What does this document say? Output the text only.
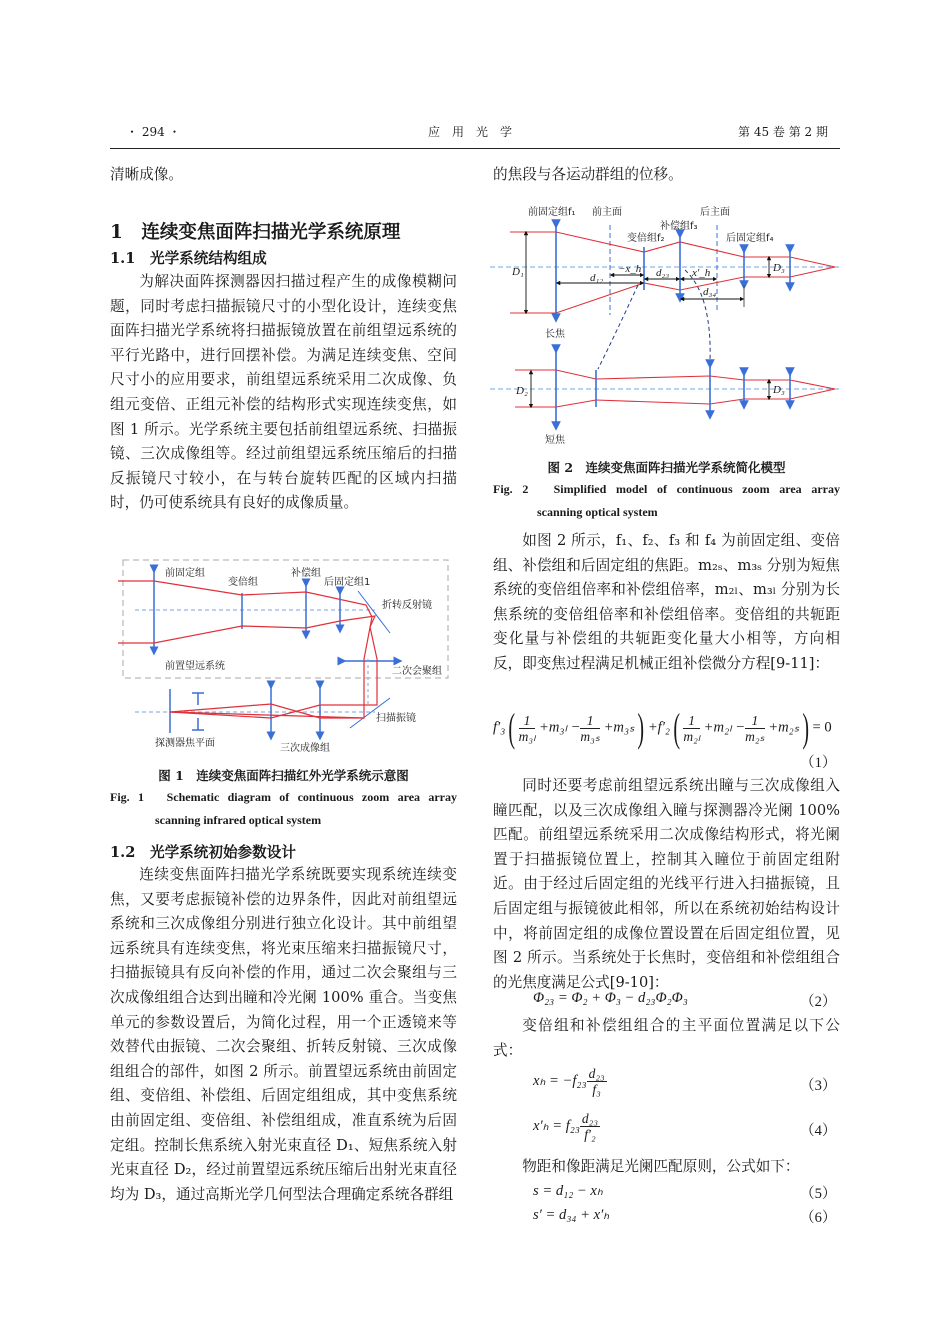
・ 294 ・	应　用　光　学	第 45 卷 第 2 期

清晰成像。

1　连续变焦面阵扫描光学系统原理
1.1　光学系统结构组成

为解决面阵探测器因扫描过程产生的成像模糊问题，同时考虑扫描振镜尺寸的小型化设计，连续变焦面阵扫描光学系统将扫描振镜放置在前组望远系统的平行光路中，进行回摆补偿。为满足连续变焦、空间尺寸小的应用要求，前组望远系统采用二次成像、负组元变倍、正组元补偿的结构形式实现连续变焦，如图 1 所示。光学系统主要包括前组望远系统、扫描振镜、三次成像组等。经过前组望远系统压缩后的扫描反振镜尺寸较小，在与转台旋转匹配的区域内扫描时，仍可使系统具有良好的成像质量。

前固定组
变倍组
补偿组
后固定组1
折转反射镜
前置望远系统	二次会聚组
扫描振镜
探测器焦平面	三次成像组
图 1　连续变焦面阵扫描红外光学系统示意图
Fig. 1　Schematic diagram of continuous zoom area array
scanning infrared optical system
1.2　光学系统初始参数设计

连续变焦面阵扫描光学系统既要实现系统连续变焦，又要考虑振镜补偿的边界条件，因此对前组望远系统和三次成像组分别进行独立化设计。其中前组望远系统具有连续变焦，将光束压缩来扫描振镜尺寸，扫描振镜具有反向补偿的作用，通过二次会聚组与三次成像组组合达到出瞳和冷光阑 100% 重合。当变焦单元的参数设置后，为简化过程，用一个正透镜来等效替代由振镜、二次会聚组、折转反射镜、三次成像组组合的部件，如图 2 所示。前置望远系统由前固定组、变倍组、补偿组、后固定组组成，其中变焦系统由前固定组、变倍组、补偿组组成，准直系统为后固定组。控制长焦系统入射光束直径 D₁、短焦系统入射光束直径 D₂，经过前置望远系统压缩后出射光束直径均为 D₃，通过高斯光学几何型法合理确定系统各群组

的焦段与各运动群组的位移。

前固定组f₁ 前主面	后主面
补偿组f₃
变倍组f₂	后固定组f₄
D₁	d₁₂
−x_h d₂₃ x′_h
d₃₄
D₃
长焦
D₂	D₃
短焦
图 2　连续变焦面阵扫描光学系统简化模型
Fig. 2　Simplified model of continuous zoom area array
scanning optical system

如图 2 所示，f₁、f₂、f₃ 和 f₄ 为前固定组、变倍组、补偿组和后固定组的焦距。m₂ₛ、m₃ₛ 分别为短焦系统的变倍组倍率和补偿组倍率，m₂ₗ、m₃ₗ 分别为长焦系统的变倍组倍率和补偿组倍率。变倍组的共轭距变化量与补偿组的共轭距变化量大小相等，方向相反，即变焦过程满足机械正组补偿微分方程[9-11]：

$f'_3( \frac{1}{\text{m₃ₗ}} +m_{3l} - \frac{1}{\text{m₃ₛ}} +m_{3s}) +f'_2( \frac{1}{\text{m₂ₗ}} +m_{2l} - \frac{1}{\text{m₂ₛ}} +m_{2s}) = 0$
（1）

同时还要考虑前组望远系统出瞳与三次成像组入瞳匹配，以及三次成像组入瞳与探测器冷光阑 100% 匹配。前组望远系统采用二次成像结构形式，将光阑置于扫描振镜位置上，控制其入瞳位于前固定组附近。由于经过后固定组的光线平行进入扫描振镜，且后固定组与振镜彼此相邻，所以在系统初始结构设计中，将前固定组的成像位置设置在后固定组位置，见图 2 所示。当系统处于长焦时，变倍组和补偿组组合的光焦度满足公式[9-10]：

Φ₂₃ = Φ₂ + Φ₃ − d₂₃Φ₂Φ₃	（2）

变倍组和补偿组组合的主平面位置满足以下公式：

$x_h = -f_{23} \frac{\text{d₂₃}}{\text{f₃}}$	（3）
$x'_h = f_{23} \frac{\text{d₂₃}}{\text{f′₂}}$	（4）

物距和像距满足光阑匹配原则，公式如下：

s = d₁₂ − xₕ	（5）
s′ = d₃₄ + x′ₕ	（6）
